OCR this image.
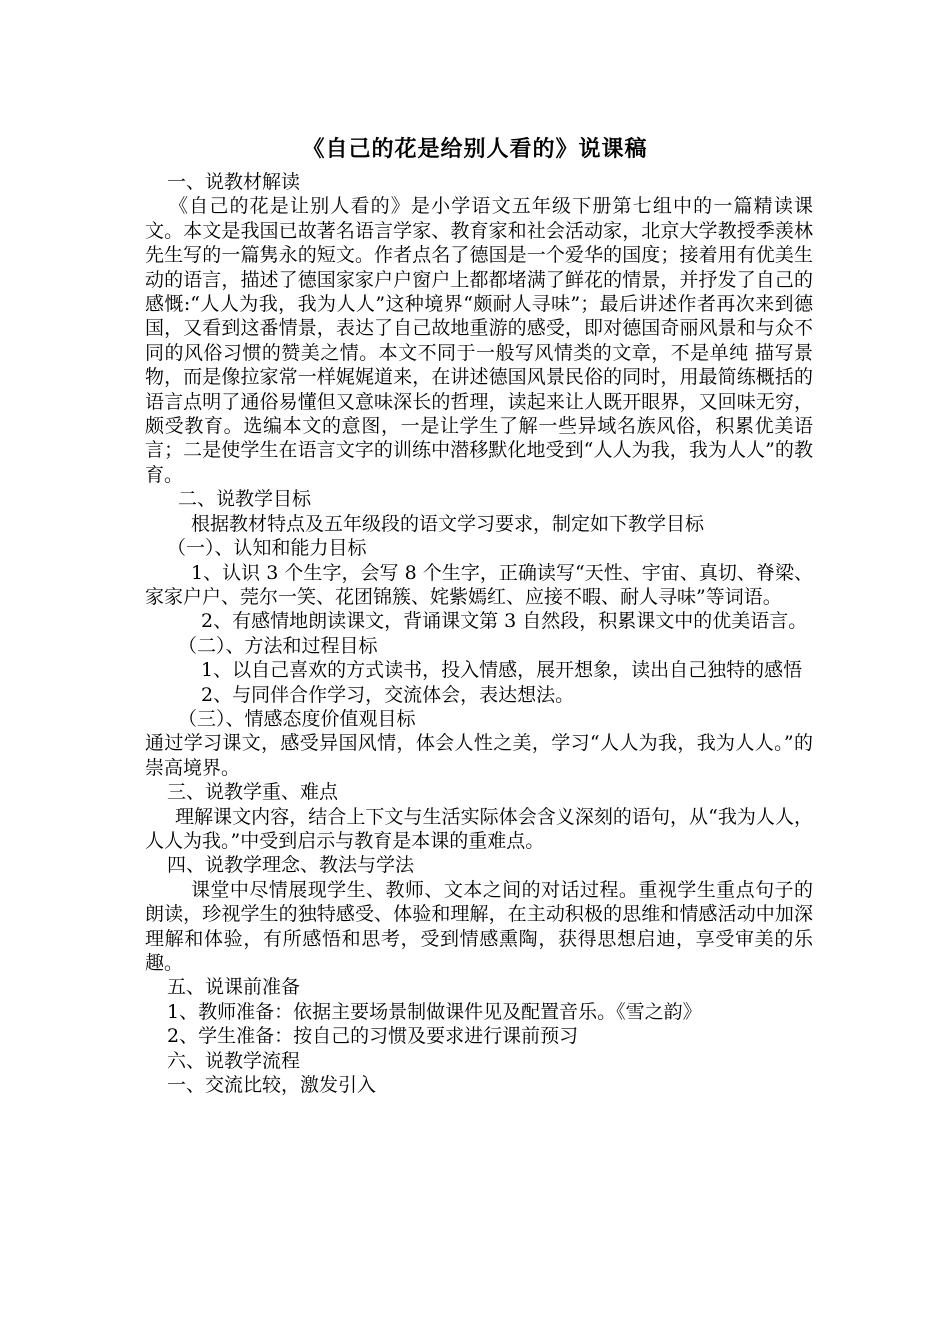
《自己的花是给别人看的》说课稿

一、说教材解读

《自己的花是让别人看的》是小学语文五年级下册第七组中的一篇精读课文。本文是我国已故著名语言学家、教育家和社会活动家，北京大学教授季羡林先生写的一篇隽永的短文。作者点名了德国是一个爱华的国度；接着用有优美生动的语言，描述了德国家家户户窗户上都都堵满了鲜花的情景，并抒发了自己的感慨:“人人为我，我为人人”这种境界“颇耐人寻味”；最后讲述作者再次来到德国，又看到这番情景，表达了自己故地重游的感受，即对德国奇丽风景和与众不同的风俗习惯的赞美之情。本文不同于一般写风情类的文章，不是单纯 描写景物，而是像拉家常一样娓娓道来，在讲述德国风景民俗的同时，用最简练概括的语言点明了通俗易懂但又意味深长的哲理，读起来让人既开眼界，又回味无穷，颇受教育。选编本文的意图，一是让学生了解一些异域名族风俗，积累优美语言；二是使学生在语言文字的训练中潜移默化地受到“人人为我，我为人人”的教育。

二、说教学目标

根据教材特点及五年级段的语文学习要求，制定如下教学目标

（一）、认知和能力目标

1、认识 3 个生字，会写 8 个生字，正确读写“天性、宇宙、真切、脊梁、家家户户、莞尔一笑、花团锦簇、姹紫嫣红、应接不暇、耐人寻味”等词语。

2、有感情地朗读课文，背诵课文第 3 自然段，积累课文中的优美语言。

（二）、方法和过程目标

1、以自己喜欢的方式读书，投入情感，展开想象，读出自己独特的感悟

2、与同伴合作学习，交流体会，表达想法。

（三）、情感态度价值观目标

通过学习课文，感受异国风情，体会人性之美，学习“人人为我，我为人人。”的崇高境界。

三、说教学重、难点

理解课文内容，结合上下文与生活实际体会含义深刻的语句，从“我为人人，人人为我。”中受到启示与教育是本课的重难点。

四、说教学理念、教法与学法

课堂中尽情展现学生、教师、文本之间的对话过程。重视学生重点句子的朗读，珍视学生的独特感受、体验和理解，在主动积极的思维和情感活动中加深理解和体验，有所感悟和思考，受到情感熏陶，获得思想启迪，享受审美的乐趣。

五、说课前准备

1、教师准备：依据主要场景制做课件见及配置音乐。《雪之韵》

2、学生准备：按自己的习惯及要求进行课前预习

六、说教学流程

一、交流比较，激发引入
